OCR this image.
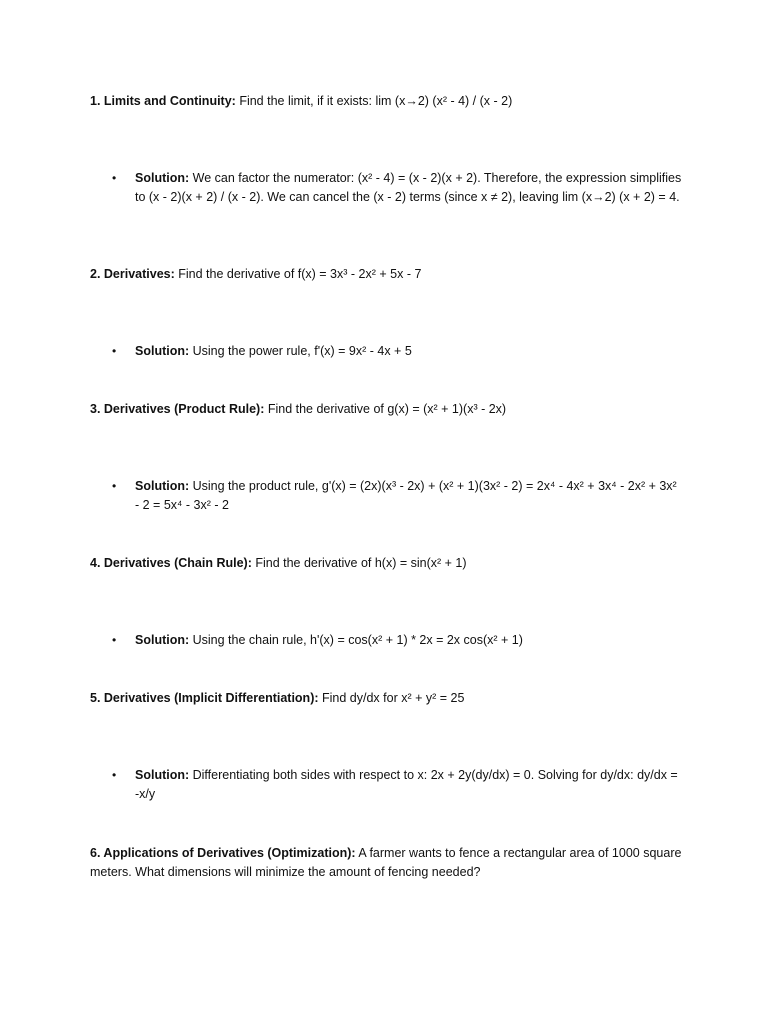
1. Limits and Continuity: Find the limit, if it exists: lim (x→2) (x² - 4) / (x - 2)

• Solution: We can factor the numerator: (x² - 4) = (x - 2)(x + 2). Therefore, the expression simplifies to (x - 2)(x + 2) / (x - 2). We can cancel the (x - 2) terms (since x ≠ 2), leaving lim (x→2) (x + 2) = 4.

2. Derivatives: Find the derivative of f(x) = 3x³ - 2x² + 5x - 7

• Solution: Using the power rule, f'(x) = 9x² - 4x + 5

3. Derivatives (Product Rule): Find the derivative of g(x) = (x² + 1)(x³ - 2x)

• Solution: Using the product rule, g'(x) = (2x)(x³ - 2x) + (x² + 1)(3x² - 2) = 2x⁴ - 4x² + 3x⁴ - 2x² + 3x² - 2 = 5x⁴ - 3x² - 2

4. Derivatives (Chain Rule): Find the derivative of h(x) = sin(x² + 1)

• Solution: Using the chain rule, h'(x) = cos(x² + 1) * 2x = 2x cos(x² + 1)

5. Derivatives (Implicit Differentiation): Find dy/dx for x² + y² = 25

• Solution: Differentiating both sides with respect to x: 2x + 2y(dy/dx) = 0. Solving for dy/dx: dy/dx = -x/y

6. Applications of Derivatives (Optimization): A farmer wants to fence a rectangular area of 1000 square meters. What dimensions will minimize the amount of fencing needed?
